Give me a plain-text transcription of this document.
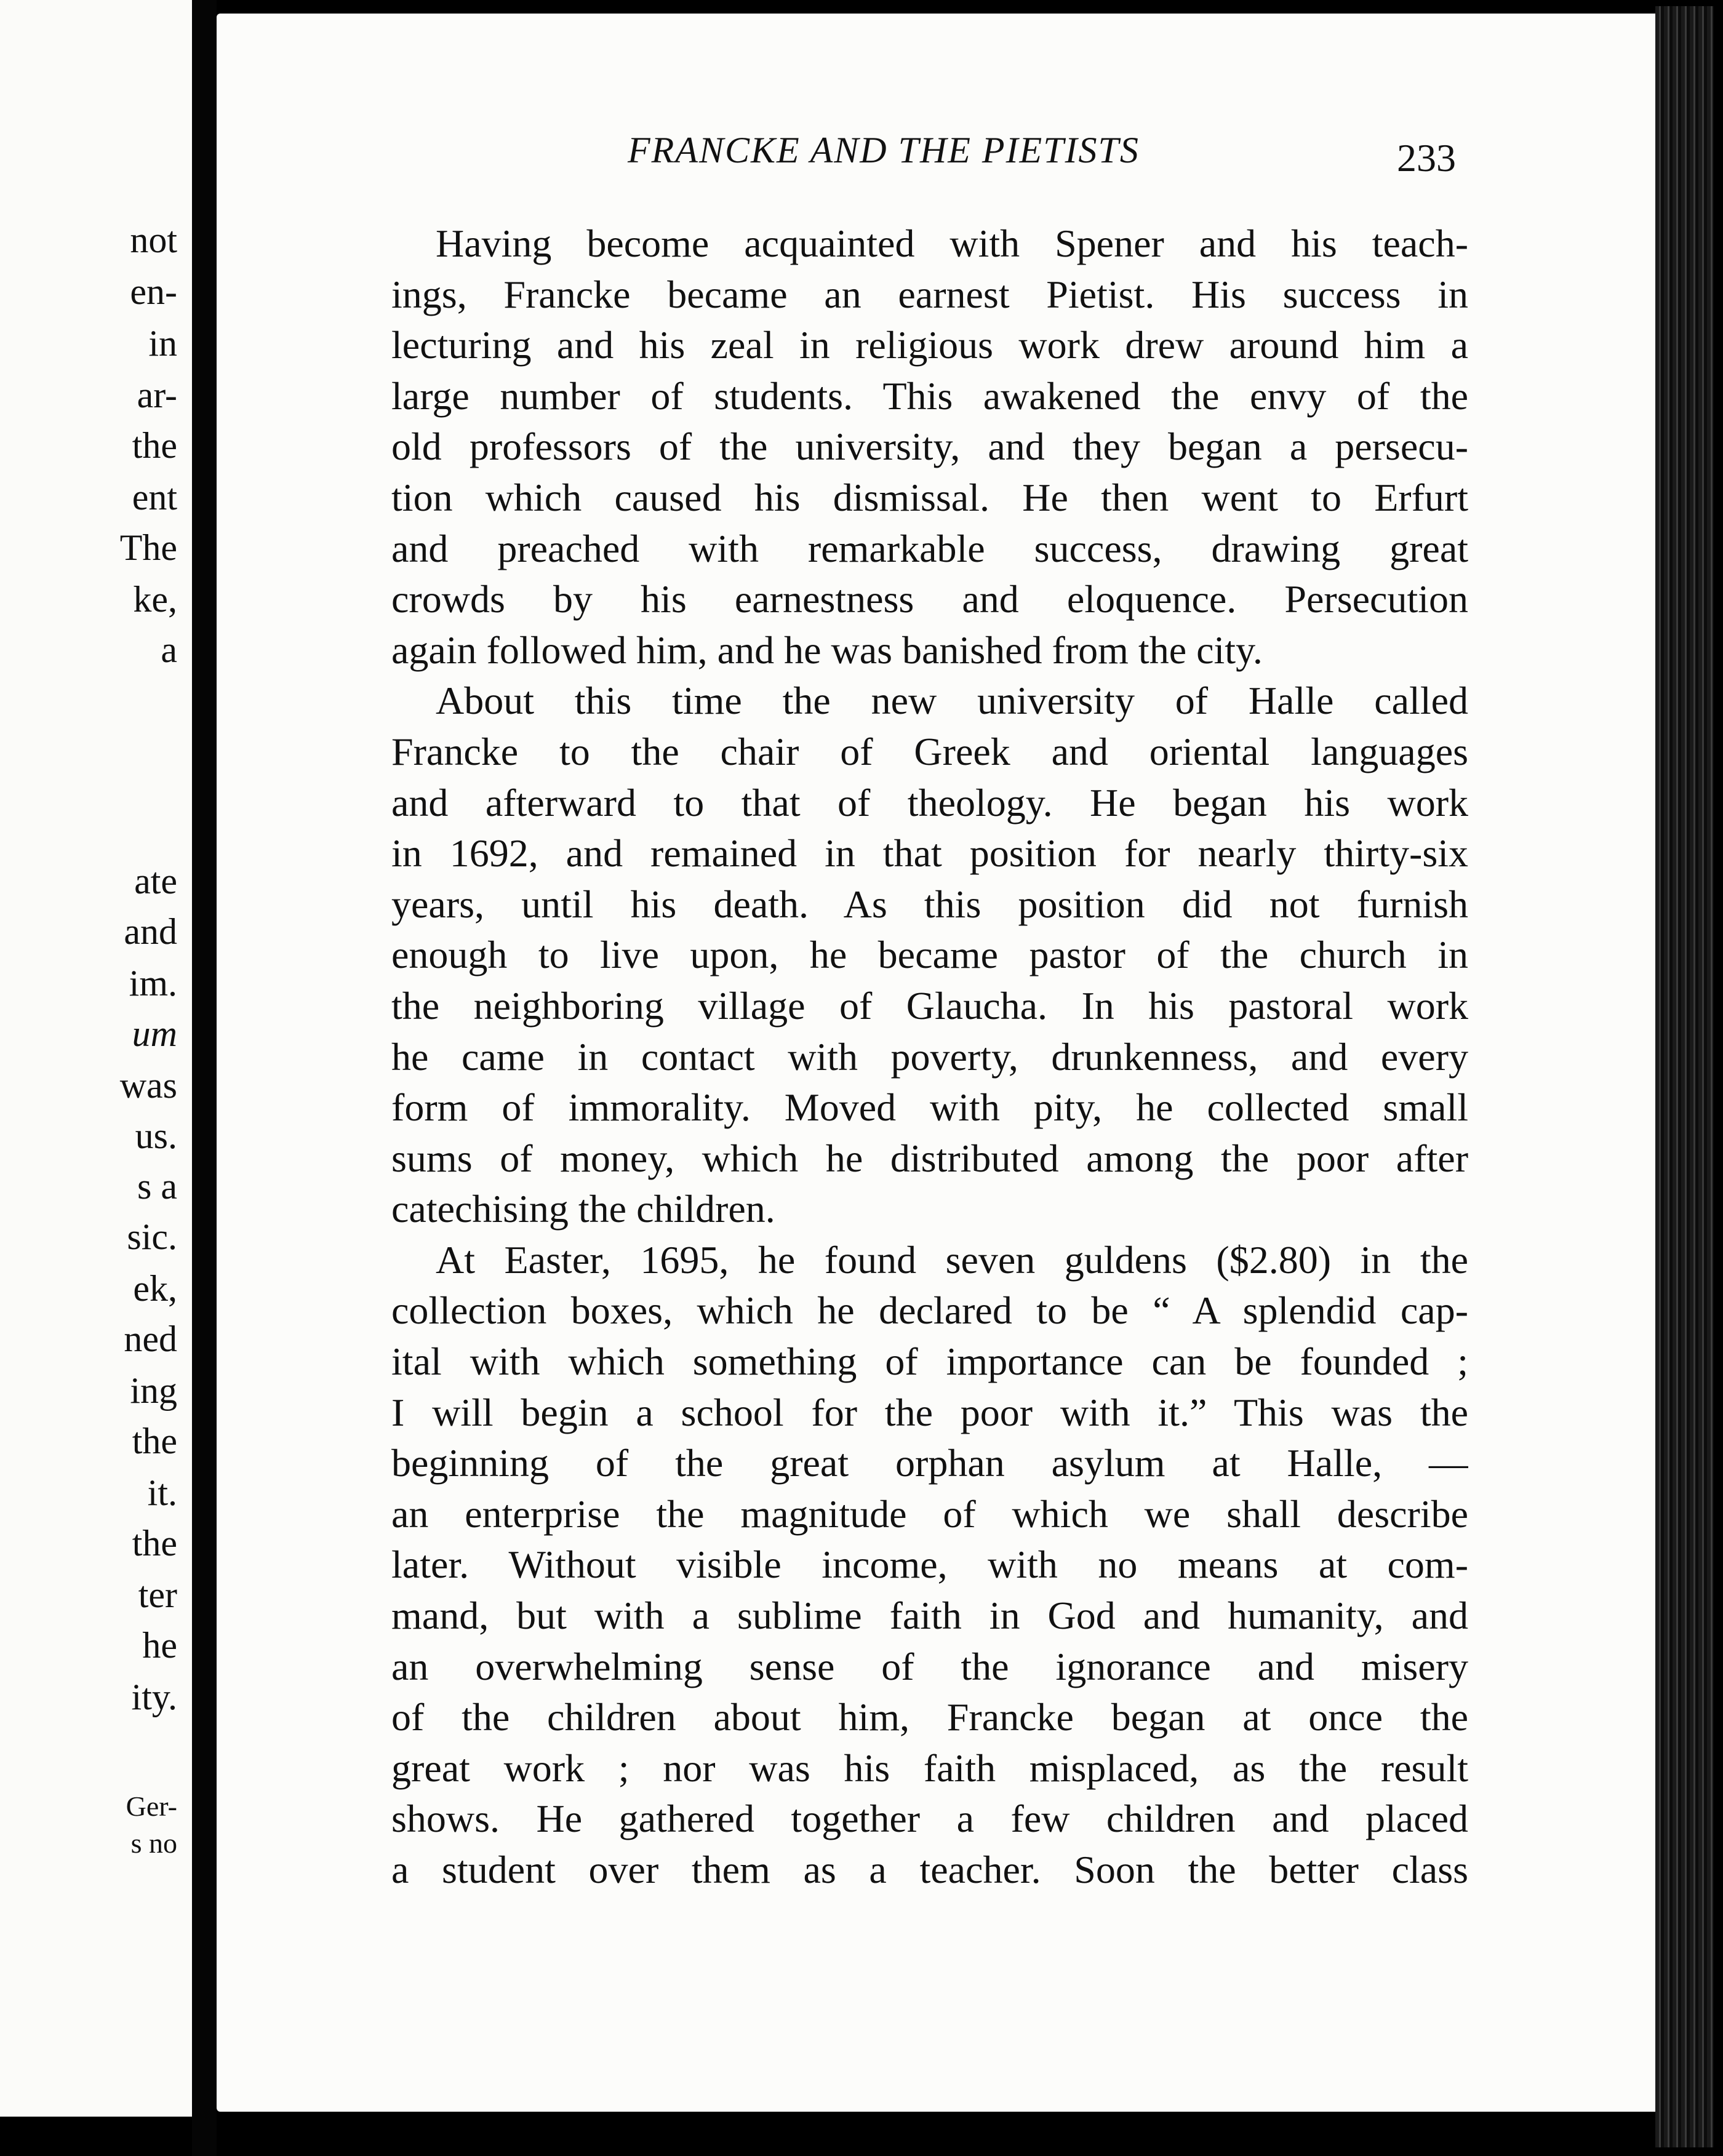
not

en-

in

ar-

the

ent

The

ke,

a

ate

and

im.

um

was

us.

s a

sic.

ek,

ned

ing

the

it.

the

ter

he

ity.

Ger-

s no

FRANCKE AND THE PIETISTS	233

Having become acquainted with Spener and his teach-
ings, Francke became an earnest Pietist. His success in
lecturing and his zeal in religious work drew around him a
large number of students. This awakened the envy of the
old professors of the university, and they began a persecu-
tion which caused his dismissal. He then went to Erfurt
and preached with remarkable success, drawing great
crowds by his earnestness and eloquence. Persecution
again followed him, and he was banished from the city.
About this time the new university of Halle called
Francke to the chair of Greek and oriental languages
and afterward to that of theology. He began his work
in 1692, and remained in that position for nearly thirty-six
years, until his death. As this position did not furnish
enough to live upon, he became pastor of the church in
the neighboring village of Glaucha. In his pastoral work
he came in contact with poverty, drunkenness, and every
form of immorality. Moved with pity, he collected small
sums of money, which he distributed among the poor after
catechising the children.
At Easter, 1695, he found seven guldens ($2.80) in the
collection boxes, which he declared to be “ A splendid cap-
ital with which something of importance can be founded ;
I will begin a school for the poor with it.” This was the
beginning of the great orphan asylum at Halle, —
an enterprise the magnitude of which we shall describe
later. Without visible income, with no means at com-
mand, but with a sublime faith in God and humanity, and
an overwhelming sense of the ignorance and misery
of the children about him, Francke began at once the
great work ; nor was his faith misplaced, as the result
shows. He gathered together a few children and placed
a student over them as a teacher. Soon the better class
